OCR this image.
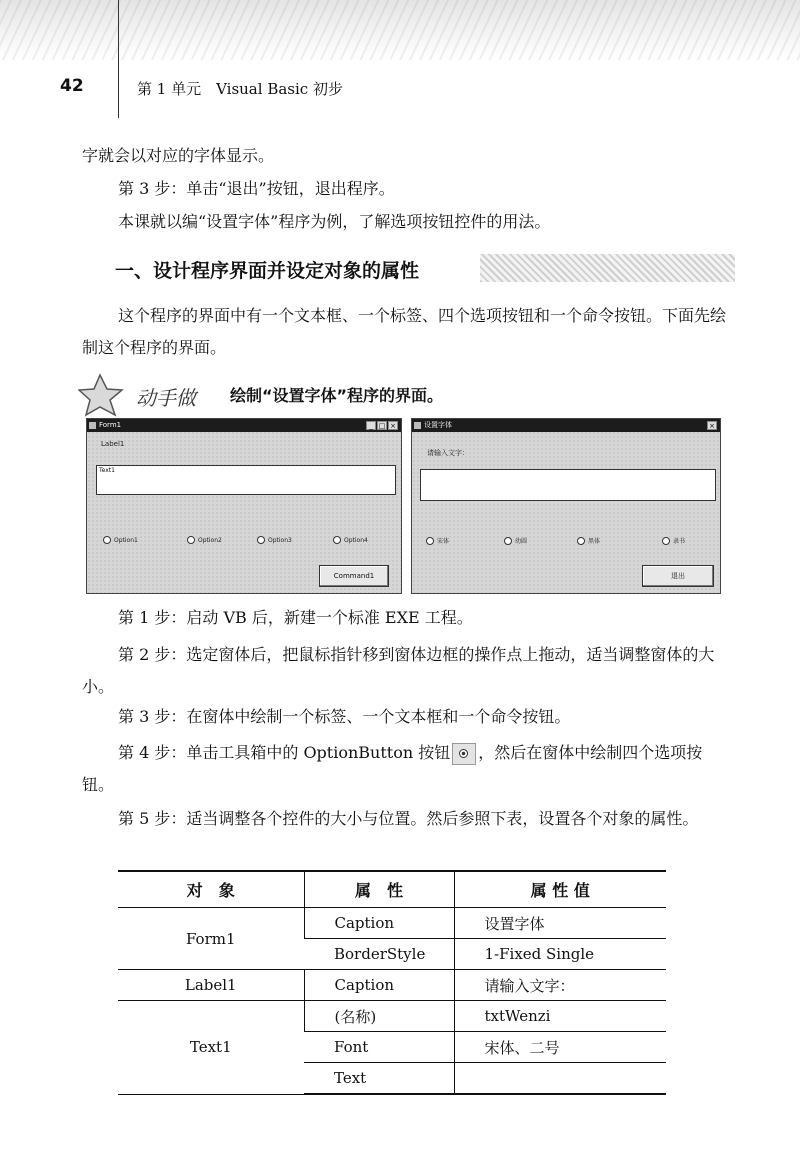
42	第 1 单元　Visual Basic 初步

字就会以对应的字体显示。

第 3 步：单击“退出”按钮，退出程序。

本课就以编“设置字体”程序为例，了解选项按钮控件的用法。

一、设计程序界面并设定对象的属性

这个程序的界面中有一个文本框、一个标签、四个选项按钮和一个命令按钮。下面先绘制这个程序的界面。

动手做 绘制“设置字体”程序的界面。
Form1	_ □ ×
Label1
Text1
Option1	Option2	Option3	Option4
Command1
设置字体	×
请输入文字：
宋体	幼圆	黑体	隶书
退出

第 1 步：启动 VB 后，新建一个标准 EXE 工程。

第 2 步：选定窗体后，把鼠标指针移到窗体边框的操作点上拖动，适当调整窗体的大小。

第 3 步：在窗体中绘制一个标签、一个文本框和一个命令按钮。

第 4 步：单击工具箱中的 OptionButton 按钮 ，然后在窗体中绘制四个选项按钮。

第 5 步：适当调整各个控件的大小与位置。然后参照下表，设置各个对象的属性。

对　象	属　性	属 性 值
Form1	Caption	设置字体
	BorderStyle	1-Fixed Single
Label1	Caption	请输入文字：
Text1	(名称)	txtWenzi
	Font	宋体、二号
	Text	
